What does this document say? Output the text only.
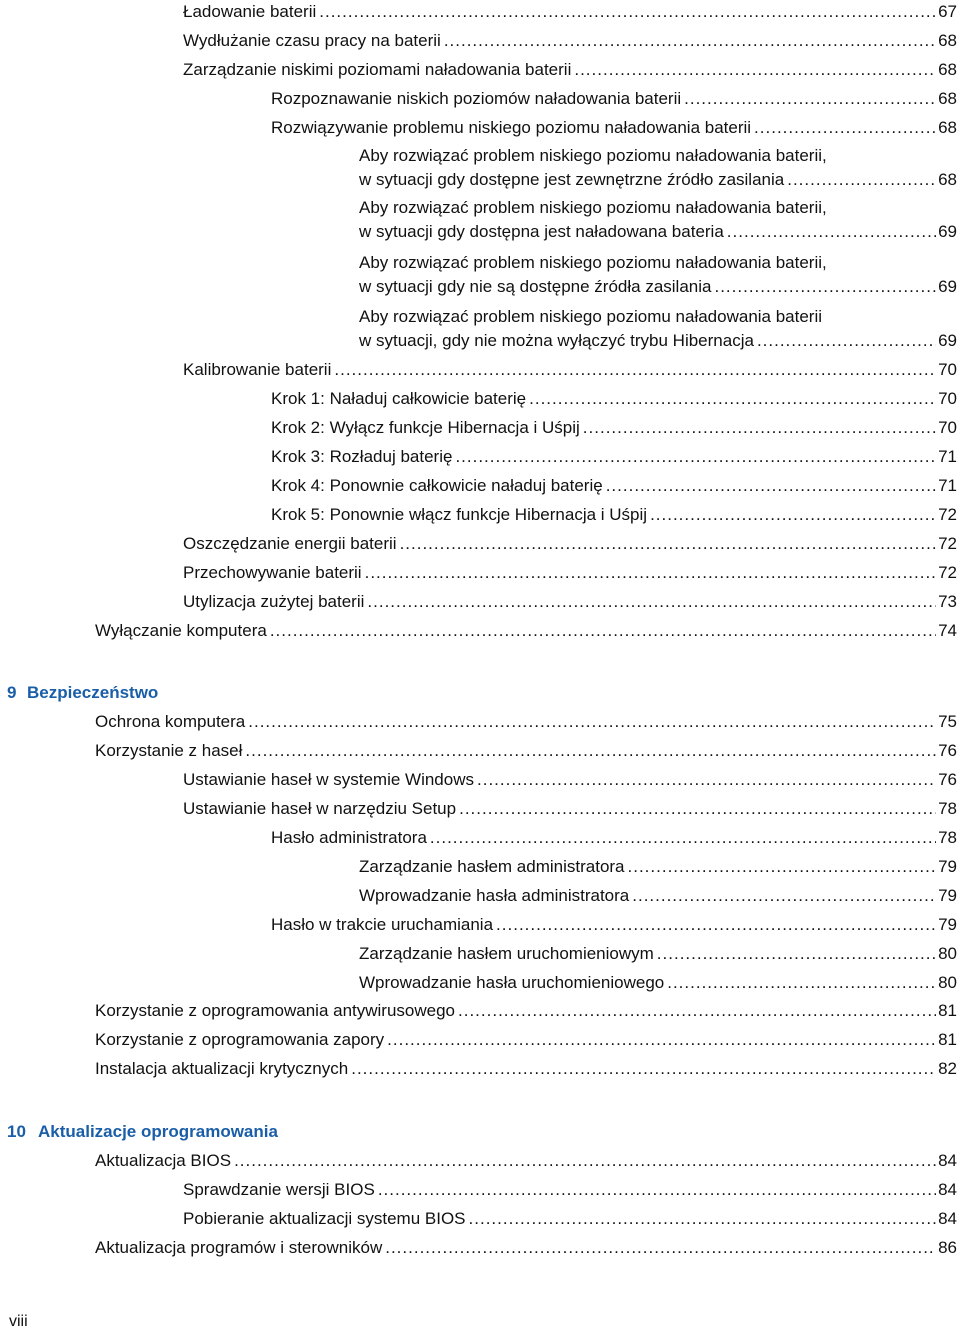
Ładowanie baterii .....	67
Wydłużanie czasu pracy na baterii .....	68
Zarządzanie niskimi poziomami naładowania baterii .....	68
Rozpoznawanie niskich poziomów naładowania baterii .....	68
Rozwiązywanie problemu niskiego poziomu naładowania baterii .....	68
Aby rozwiązać problem niskiego poziomu naładowania baterii,
w sytuacji gdy dostępne jest zewnętrzne źródło zasilania .....	68
Aby rozwiązać problem niskiego poziomu naładowania baterii,
w sytuacji gdy dostępna jest naładowana bateria .....	69
Aby rozwiązać problem niskiego poziomu naładowania baterii,
w sytuacji gdy nie są dostępne źródła zasilania .....	69
Aby rozwiązać problem niskiego poziomu naładowania baterii
w sytuacji, gdy nie można wyłączyć trybu Hibernacja .....	69
Kalibrowanie baterii .....	70
Krok 1: Naładuj całkowicie baterię .....	70
Krok 2: Wyłącz funkcje Hibernacja i Uśpij .....	70
Krok 3: Rozładuj baterię .....	71
Krok 4: Ponownie całkowicie naładuj baterię .....	71
Krok 5: Ponownie włącz funkcje Hibernacja i Uśpij .....	72
Oszczędzanie energii baterii .....	72
Przechowywanie baterii .....	72
Utylizacja zużytej baterii .....	73
Wyłączanie komputera .....	74
9 Bezpieczeństwo
Ochrona komputera .....	75
Korzystanie z haseł .....	76
Ustawianie haseł w systemie Windows .....	76
Ustawianie haseł w narzędziu Setup .....	78
Hasło administratora .....	78
Zarządzanie hasłem administratora .....	79
Wprowadzanie hasła administratora .....	79
Hasło w trakcie uruchamiania .....	79
Zarządzanie hasłem uruchomieniowym .....	80
Wprowadzanie hasła uruchomieniowego .....	80
Korzystanie z oprogramowania antywirusowego .....	81
Korzystanie z oprogramowania zapory .....	81
Instalacja aktualizacji krytycznych .....	82
10 Aktualizacje oprogramowania
Aktualizacja BIOS .....	84
Sprawdzanie wersji BIOS .....	84
Pobieranie aktualizacji systemu BIOS .....	84
Aktualizacja programów i sterowników .....	86
viii
